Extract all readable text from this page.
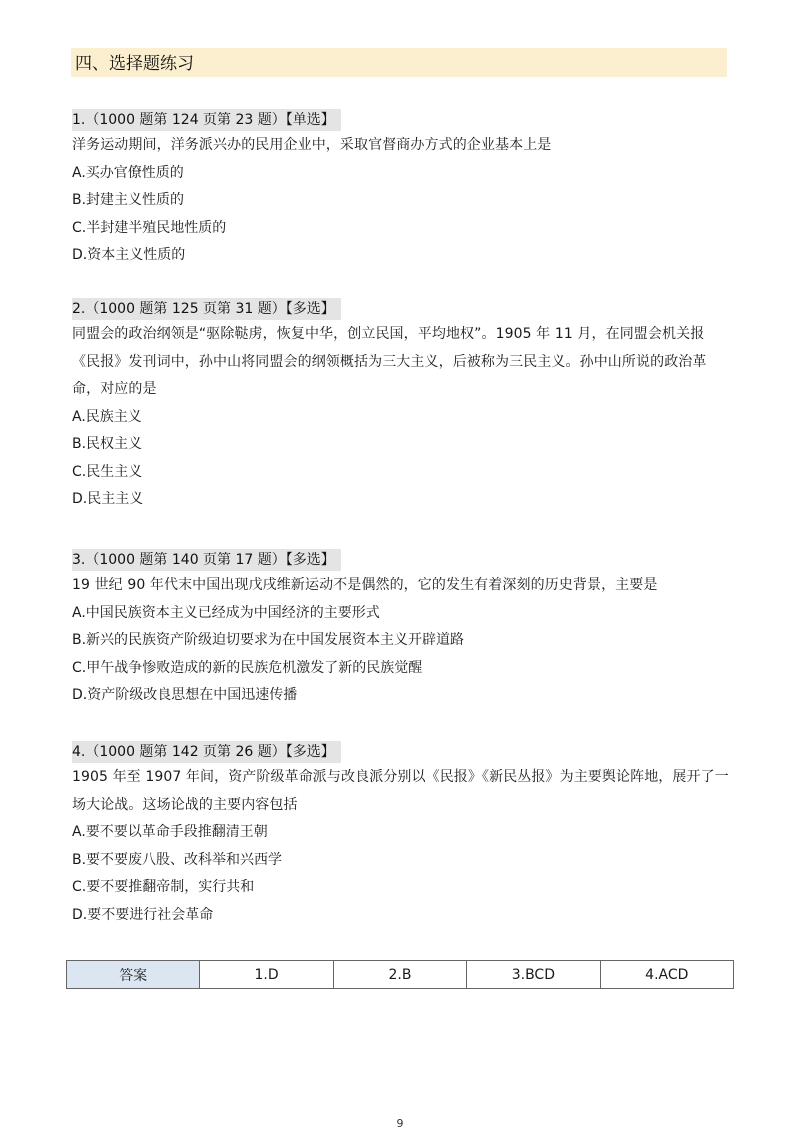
四、选择题练习
1.（1000 题第 124 页第 23 题）【单选】
洋务运动期间，洋务派兴办的民用企业中，采取官督商办方式的企业基本上是
A.买办官僚性质的
B.封建主义性质的
C.半封建半殖民地性质的
D.资本主义性质的
2.（1000 题第 125 页第 31 题）【多选】
同盟会的政治纲领是“驱除鞑虏，恢复中华，创立民国，平均地权”。1905 年 11 月，在同盟会机关报《民报》发刊词中，孙中山将同盟会的纲领概括为三大主义，后被称为三民主义。孙中山所说的政治革命，对应的是
A.民族主义
B.民权主义
C.民生主义
D.民主主义
3.（1000 题第 140 页第 17 题）【多选】
19 世纪 90 年代末中国出现戊戌维新运动不是偶然的，它的发生有着深刻的历史背景，主要是
A.中国民族资本主义已经成为中国经济的主要形式
B.新兴的民族资产阶级迫切要求为在中国发展资本主义开辟道路
C.甲午战争惨败造成的新的民族危机激发了新的民族觉醒
D.资产阶级改良思想在中国迅速传播
4.（1000 题第 142 页第 26 题）【多选】
1905 年至 1907 年间，资产阶级革命派与改良派分别以《民报》《新民丛报》为主要舆论阵地，展开了一场大论战。这场论战的主要内容包括
A.要不要以革命手段推翻清王朝
B.要不要废八股、改科举和兴西学
C.要不要推翻帝制，实行共和
D.要不要进行社会革命
答案	1.D	2.B	3.BCD	4.ACD
9
